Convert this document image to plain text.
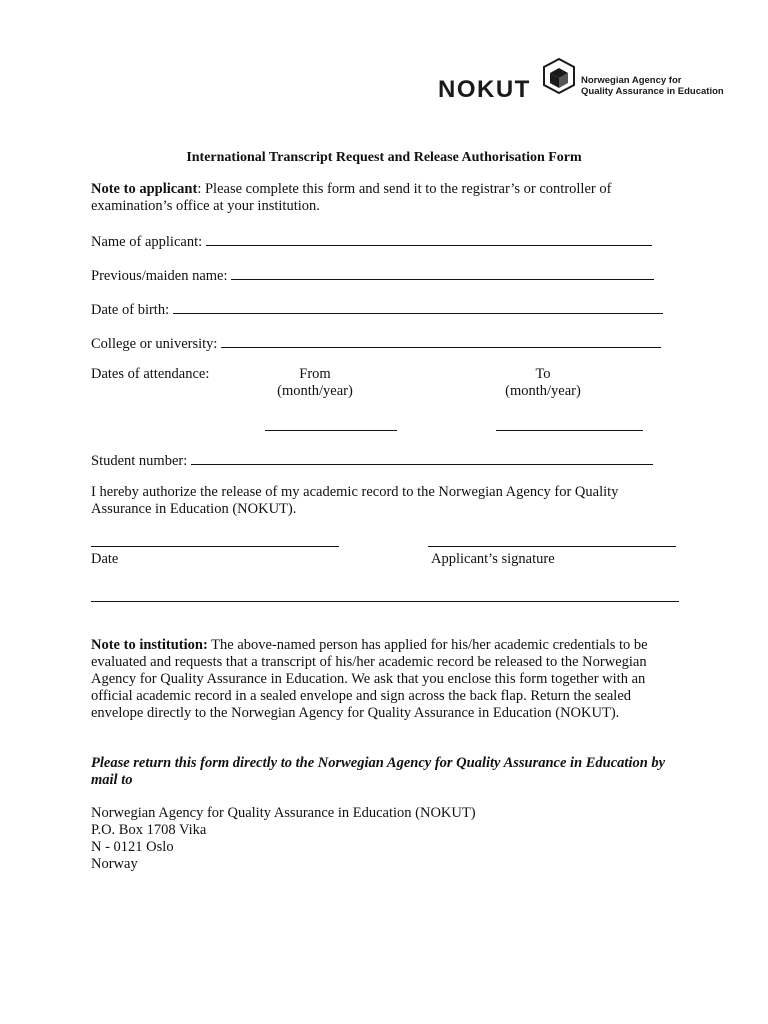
NOKUT	Norwegian Agency for
Quality Assurance in Education
International Transcript Request and Release Authorisation Form
Note to applicant: Please complete this form and send it to the registrar’s or controller of examination’s office at your institution.
Name of applicant:
Previous/maiden name:
Date of birth:
College or university:
Dates of attendance:	From
(month/year)
To
(month/year)
Student number:
I hereby authorize the release of my academic record to the Norwegian Agency for Quality Assurance in Education (NOKUT).
Date	Applicant’s signature
Note to institution: The above-named person has applied for his/her academic credentials to be evaluated and requests that a transcript of his/her academic record be released to the Norwegian Agency for Quality Assurance in Education. We ask that you enclose this form together with an official academic record in a sealed envelope and sign across the back flap. Return the sealed envelope directly to the Norwegian Agency for Quality Assurance in Education (NOKUT).
Please return this form directly to the Norwegian Agency for Quality Assurance in Education by mail to
Norwegian Agency for Quality Assurance in Education (NOKUT)
P.O. Box 1708 Vika
N - 0121 Oslo
Norway
